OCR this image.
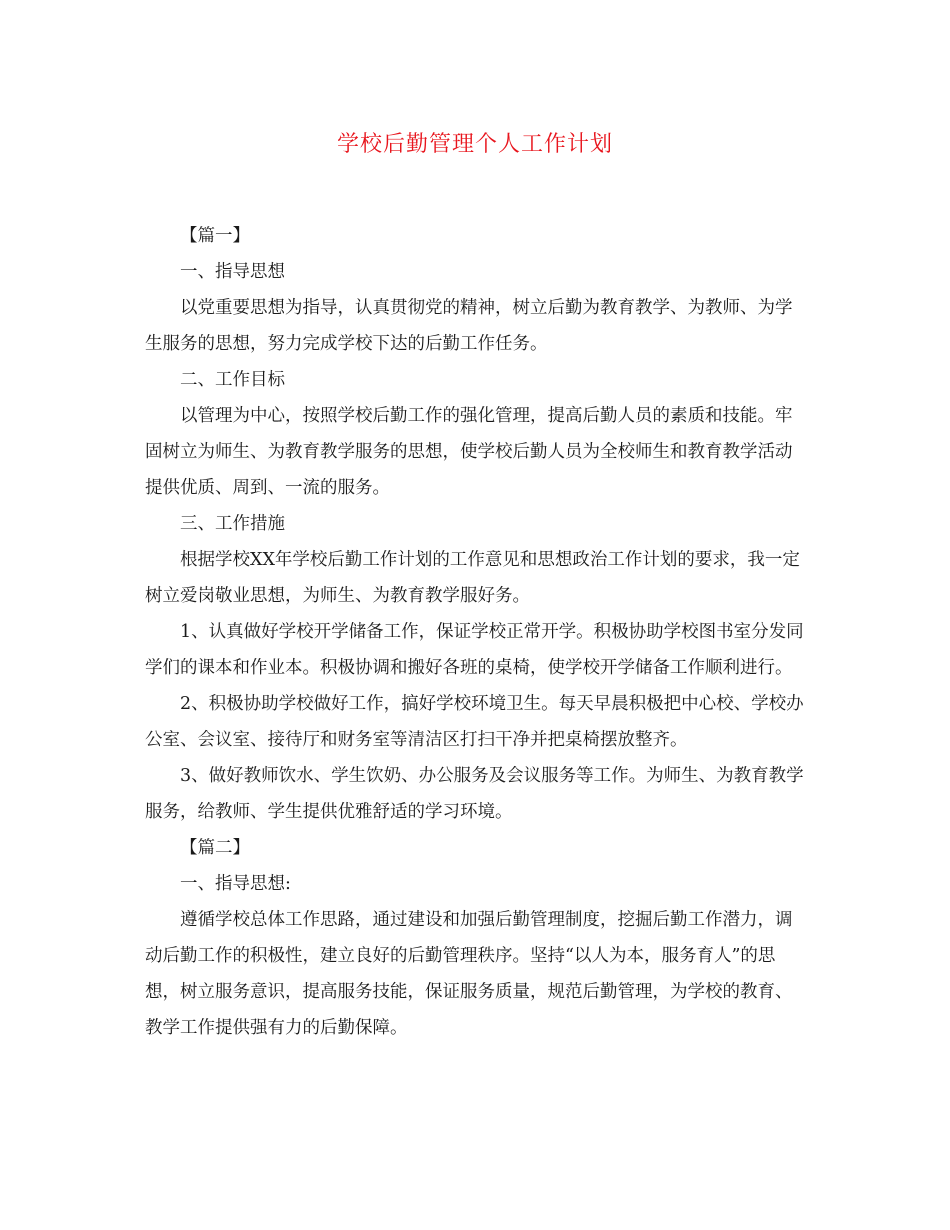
学校后勤管理个人工作计划

【篇一】

一、指导思想

以党重要思想为指导，认真贯彻党的精神，树立后勤为教育教学、为教师、为学生服务的思想，努力完成学校下达的后勤工作任务。

二、工作目标

以管理为中心，按照学校后勤工作的强化管理，提高后勤人员的素质和技能。牢固树立为师生、为教育教学服务的思想，使学校后勤人员为全校师生和教育教学活动提供优质、周到、一流的服务。

三、工作措施

根据学校XX年学校后勤工作计划的工作意见和思想政治工作计划的要求，我一定树立爱岗敬业思想，为师生、为教育教学服好务。

1、认真做好学校开学储备工作，保证学校正常开学。积极协助学校图书室分发同学们的课本和作业本。积极协调和搬好各班的桌椅，使学校开学储备工作顺利进行。

2、积极协助学校做好工作，搞好学校环境卫生。每天早晨积极把中心校、学校办公室、会议室、接待厅和财务室等清洁区打扫干净并把桌椅摆放整齐。

3、做好教师饮水、学生饮奶、办公服务及会议服务等工作。为师生、为教育教学服务，给教师、学生提供优雅舒适的学习环境。

【篇二】

一、指导思想:

遵循学校总体工作思路，通过建设和加强后勤管理制度，挖掘后勤工作潜力，调动后勤工作的积极性，建立良好的后勤管理秩序。坚持“以人为本，服务育人”的思想，树立服务意识，提高服务技能，保证服务质量，规范后勤管理，为学校的教育、教学工作提供强有力的后勤保障。
